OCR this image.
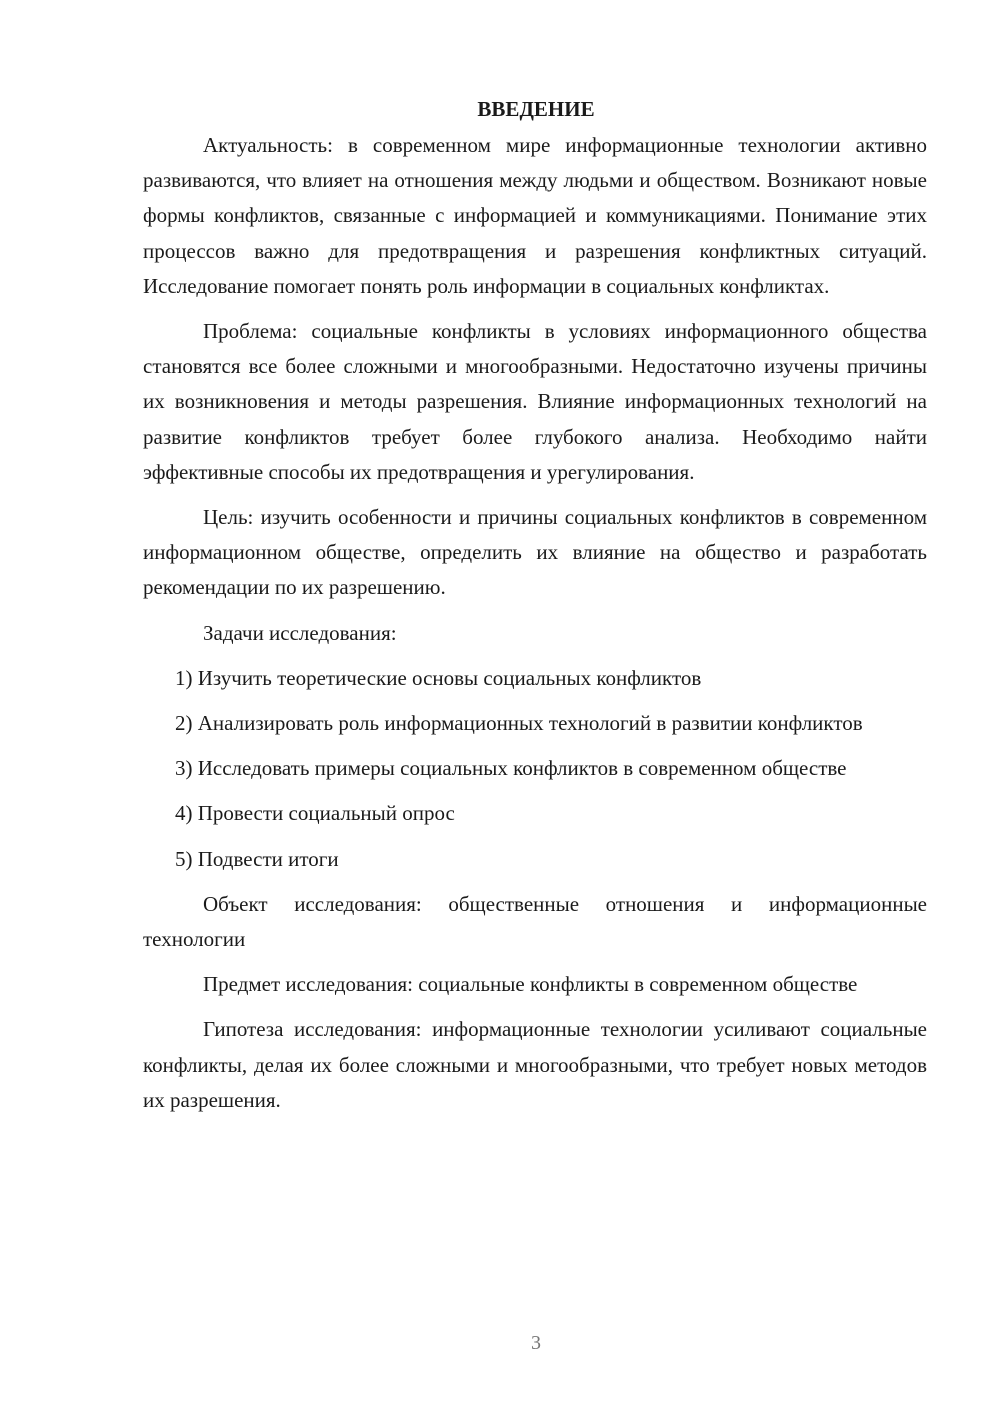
ВВЕДЕНИЕ

Актуальность: в современном мире информационные технологии активно развиваются, что влияет на отношения между людьми и обществом. Возникают новые формы конфликтов, связанные с информацией и коммуникациями. Понимание этих процессов важно для предотвращения и разрешения конфликтных ситуаций. Исследование помогает понять роль информации в социальных конфликтах.

Проблема: социальные конфликты в условиях информационного общества становятся все более сложными и многообразными. Недостаточно изучены причины их возникновения и методы разрешения. Влияние информационных технологий на развитие конфликтов требует более глубокого анализа. Необходимо найти эффективные способы их предотвращения и урегулирования.

Цель: изучить особенности и причины социальных конфликтов в современном информационном обществе, определить их влияние на общество и разработать рекомендации по их разрешению.

Задачи исследования:

1) Изучить теоретические основы социальных конфликтов

2) Анализировать роль информационных технологий в развитии конфликтов

3) Исследовать примеры социальных конфликтов в современном обществе

4) Провести социальный опрос

5) Подвести итоги

Объект исследования: общественные отношения и информационные технологии

Предмет исследования: социальные конфликты в современном обществе

Гипотеза исследования: информационные технологии усиливают социальные конфликты, делая их более сложными и многообразными, что требует новых методов их разрешения.

3
